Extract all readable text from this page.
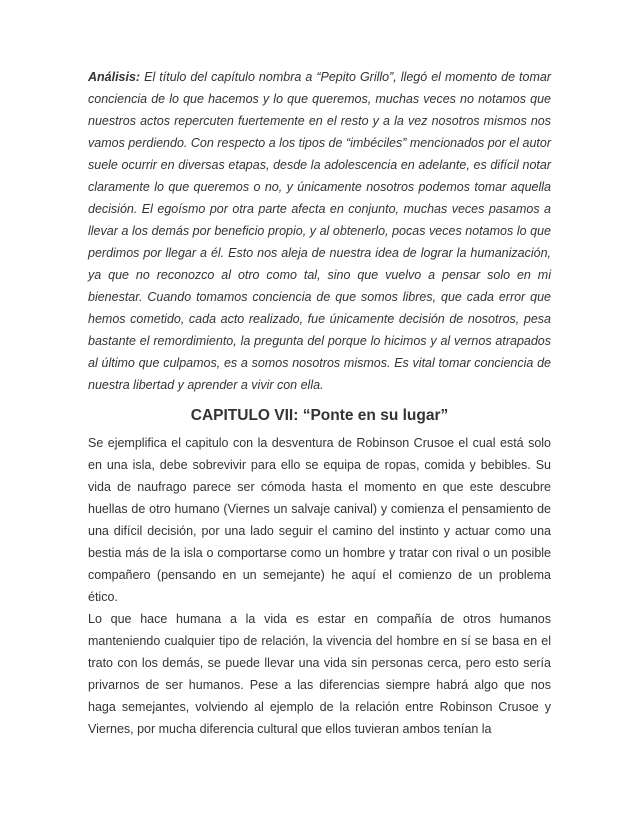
Análisis: El título del capítulo nombra a “Pepito Grillo”, llegó el momento de tomar conciencia de lo que hacemos y lo que queremos, muchas veces no notamos que nuestros actos repercuten fuertemente en el resto y a la vez nosotros mismos nos vamos perdiendo. Con respecto a los tipos de “imbéciles” mencionados por el autor suele ocurrir en diversas etapas, desde la adolescencia en adelante, es difícil notar claramente lo que queremos o no, y únicamente nosotros podemos tomar aquella decisión. El egoísmo por otra parte afecta en conjunto, muchas veces pasamos a llevar a los demás por beneficio propio, y al obtenerlo, pocas veces notamos lo que perdimos por llegar a él. Esto nos aleja de nuestra idea de lograr la humanización, ya que no reconozco al otro como tal, sino que vuelvo a pensar solo en mi bienestar. Cuando tomamos conciencia de que somos libres, que cada error que hemos cometido, cada acto realizado, fue únicamente decisión de nosotros, pesa bastante el remordimiento, la pregunta del porque lo hicimos y al vernos atrapados al último que culpamos, es a somos nosotros mismos. Es vital tomar conciencia de nuestra libertad y aprender a vivir con ella.

CAPITULO VII: “Ponte en su lugar”

Se ejemplifica el capitulo con la desventura de Robinson Crusoe el cual está solo en una isla, debe sobrevivir para ello se equipa de ropas, comida y bebibles. Su vida de naufrago parece ser cómoda hasta el momento en que este descubre huellas de otro humano (Viernes un salvaje canival) y comienza el pensamiento de una difícil decisión, por una lado seguir el camino del instinto y actuar como una bestia más de la isla o comportarse como un hombre y tratar con rival o un posible compañero (pensando en un semejante) he aquí el comienzo de un problema ético.

Lo que hace humana a la vida es estar en compañía de otros humanos manteniendo cualquier tipo de relación, la vivencia del hombre en sí se basa en el trato con los demás, se puede llevar una vida sin personas cerca, pero esto sería privarnos de ser humanos. Pese a las diferencias siempre habrá algo que nos haga semejantes, volviendo al ejemplo de la relación entre Robinson Crusoe y Viernes, por mucha diferencia cultural que ellos tuvieran ambos tenían la
